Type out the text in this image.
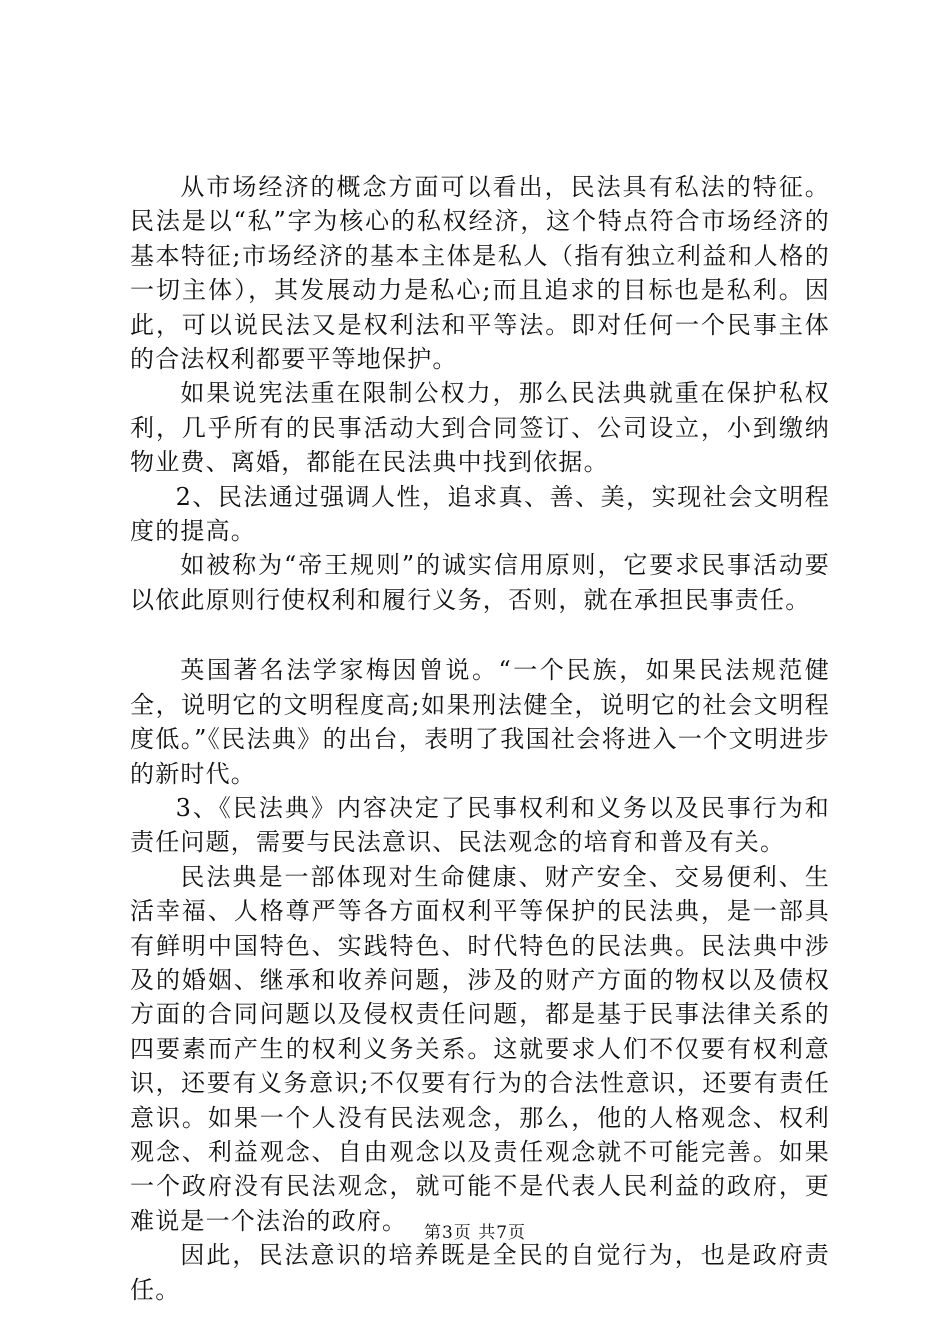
从市场经济的概念方面可以看出，民法具有私法的特征。民法是以“私”字为核心的私权经济，这个特点符合市场经济的基本特征;市场经济的基本主体是私人（指有独立利益和人格的一切主体），其发展动力是私心;而且追求的目标也是私利。因此，可以说民法又是权利法和平等法。即对任何一个民事主体的合法权利都要平等地保护。

如果说宪法重在限制公权力，那么民法典就重在保护私权利，几乎所有的民事活动大到合同签订、公司设立，小到缴纳物业费、离婚，都能在民法典中找到依据。

2、民法通过强调人性，追求真、善、美，实现社会文明程度的提高。

如被称为“帝王规则”的诚实信用原则，它要求民事活动要以依此原则行使权利和履行义务，否则，就在承担民事责任。

英国著名法学家梅因曾说。“一个民族，如果民法规范健全，说明它的文明程度高;如果刑法健全，说明它的社会文明程度低。”《民法典》的出台，表明了我国社会将进入一个文明进步的新时代。

3、《民法典》内容决定了民事权利和义务以及民事行为和责任问题，需要与民法意识、民法观念的培育和普及有关。

民法典是一部体现对生命健康、财产安全、交易便利、生活幸福、人格尊严等各方面权利平等保护的民法典，是一部具有鲜明中国特色、实践特色、时代特色的民法典。民法典中涉及的婚姻、继承和收养问题，涉及的财产方面的物权以及债权方面的合同问题以及侵权责任问题，都是基于民事法律关系的四要素而产生的权利义务关系。这就要求人们不仅要有权利意识，还要有义务意识;不仅要有行为的合法性意识，还要有责任意识。如果一个人没有民法观念，那么，他的人格观念、权利观念、利益观念、自由观念以及责任观念就不可能完善。如果一个政府没有民法观念，就可能不是代表人民利益的政府，更难说是一个法治的政府。

因此，民法意识的培养既是全民的自觉行为，也是政府责任。

第3页 共7页
